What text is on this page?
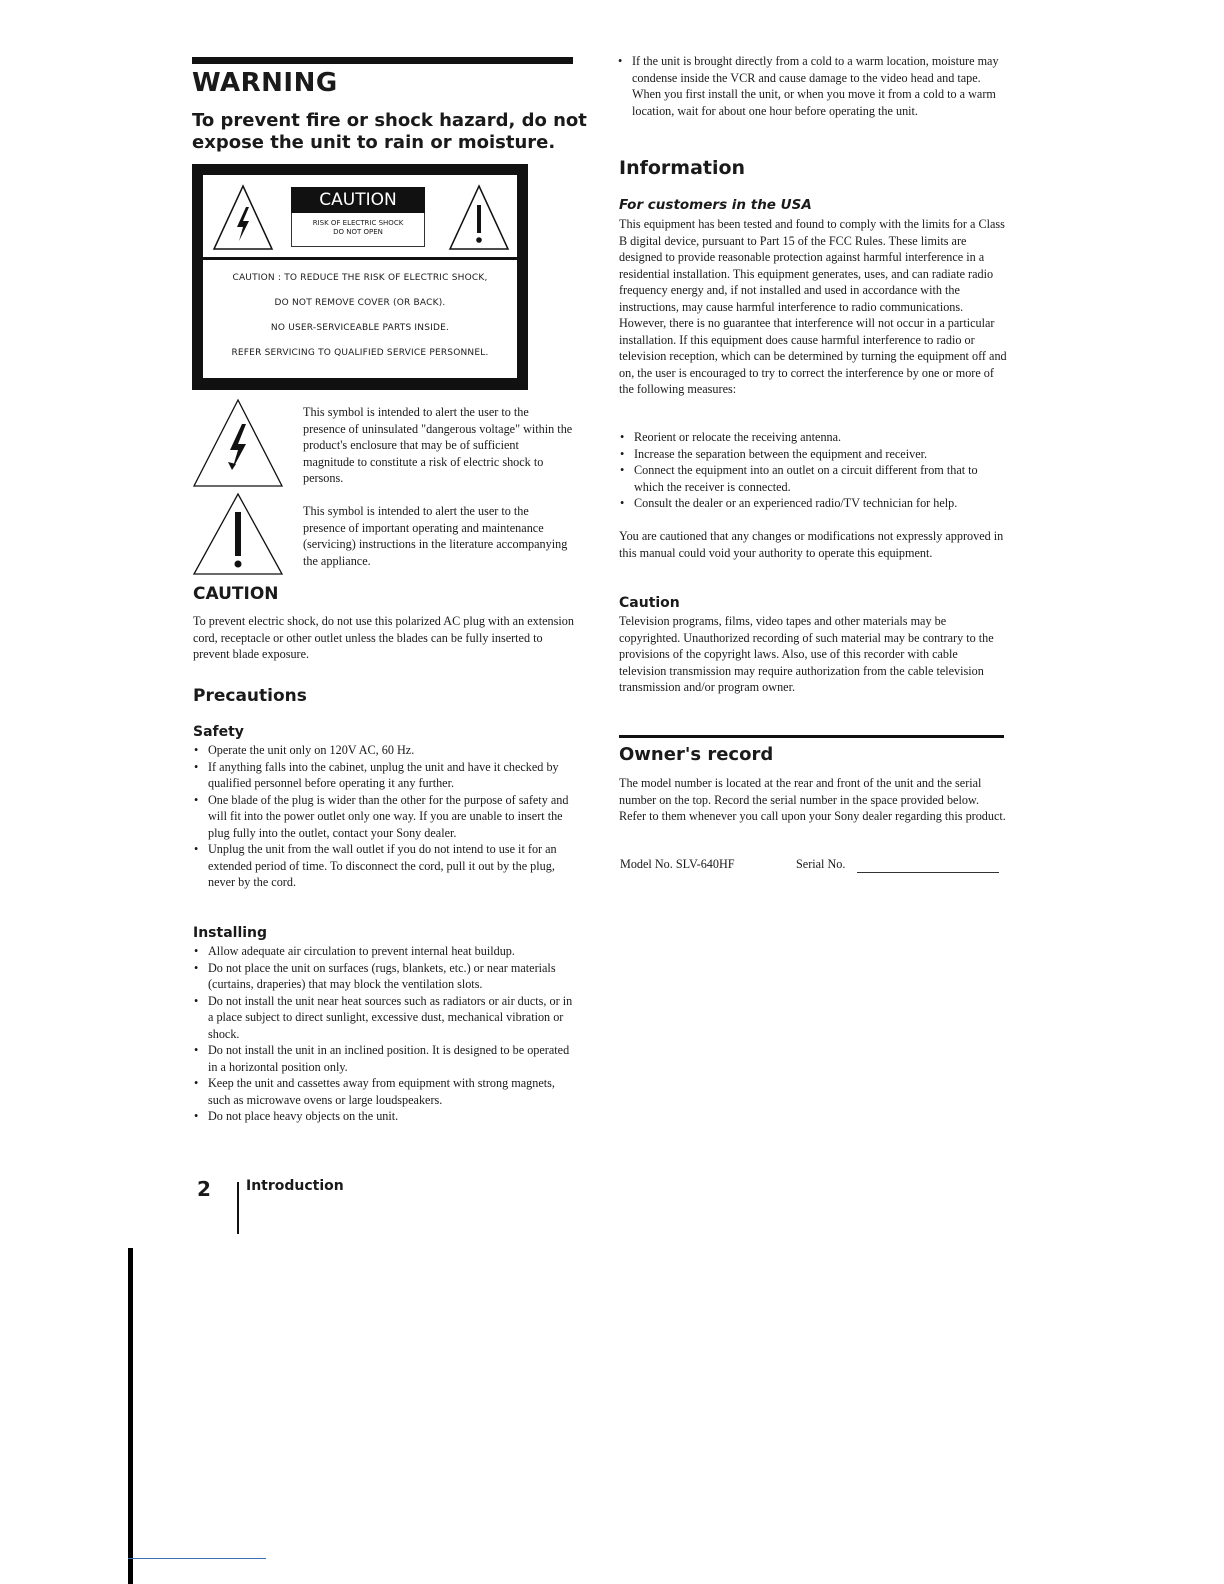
WARNING
To prevent fire or shock hazard, do not expose the unit to rain or moisture.
CAUTION
RISK OF ELECTRIC SHOCK
DO NOT OPEN
CAUTION : TO REDUCE THE RISK OF ELECTRIC SHOCK,
DO NOT REMOVE COVER (OR BACK).
NO USER-SERVICEABLE PARTS INSIDE.
REFER SERVICING TO QUALIFIED SERVICE PERSONNEL.

This symbol is intended to alert the user to the presence of uninsulated "dangerous voltage" within the product's enclosure that may be of sufficient magnitude to constitute a risk of electric shock to persons.

This symbol is intended to alert the user to the presence of important operating and maintenance (servicing) instructions in the literature accompanying the appliance.

CAUTION

To prevent electric shock, do not use this polarized AC plug with an extension cord, receptacle or other outlet unless the blades can be fully inserted to prevent blade exposure.

Precautions
Safety
• Operate the unit only on 120V AC, 60 Hz.
• If anything falls into the cabinet, unplug the unit and have it checked by qualified personnel before operating it any further.
• One blade of the plug is wider than the other for the purpose of safety and will fit into the power outlet only one way. If you are unable to insert the plug fully into the outlet, contact your Sony dealer.
• Unplug the unit from the wall outlet if you do not intend to use it for an extended period of time. To disconnect the cord, pull it out by the plug, never by the cord.
Installing
• Allow adequate air circulation to prevent internal heat buildup.
• Do not place the unit on surfaces (rugs, blankets, etc.) or near materials (curtains, draperies) that may block the ventilation slots.
• Do not install the unit near heat sources such as radiators or air ducts, or in a place subject to direct sunlight, excessive dust, mechanical vibration or shock.
• Do not install the unit in an inclined position. It is designed to be operated in a horizontal position only.
• Keep the unit and cassettes away from equipment with strong magnets, such as microwave ovens or large loudspeakers.
• Do not place heavy objects on the unit.
2	Introduction
• If the unit is brought directly from a cold to a warm location, moisture may condense inside the VCR and cause damage to the video head and tape. When you first install the unit, or when you move it from a cold to a warm location, wait for about one hour before operating the unit.
Information
For customers in the USA

This equipment has been tested and found to comply with the limits for a Class B digital device, pursuant to Part 15 of the FCC Rules. These limits are designed to provide reasonable protection against harmful interference in a residential installation. This equipment generates, uses, and can radiate radio frequency energy and, if not installed and used in accordance with the instructions, may cause harmful interference to radio communications. However, there is no guarantee that interference will not occur in a particular installation. If this equipment does cause harmful interference to radio or television reception, which can be determined by turning the equipment off and on, the user is encouraged to try to correct the interference by one or more of the following measures:

• Reorient or relocate the receiving antenna.
• Increase the separation between the equipment and receiver.
• Connect the equipment into an outlet on a circuit different from that to which the receiver is connected.
• Consult the dealer or an experienced radio/TV technician for help.

You are cautioned that any changes or modifications not expressly approved in this manual could void your authority to operate this equipment.

Caution

Television programs, films, video tapes and other materials may be copyrighted. Unauthorized recording of such material may be contrary to the provisions of the copyright laws. Also, use of this recorder with cable television transmission may require authorization from the cable television transmission and/or program owner.

Owner's record

The model number is located at the rear and front of the unit and the serial number on the top. Record the serial number in the space provided below. Refer to them whenever you call upon your Sony dealer regarding this product.

Model No. SLV-640HF	Serial No.
